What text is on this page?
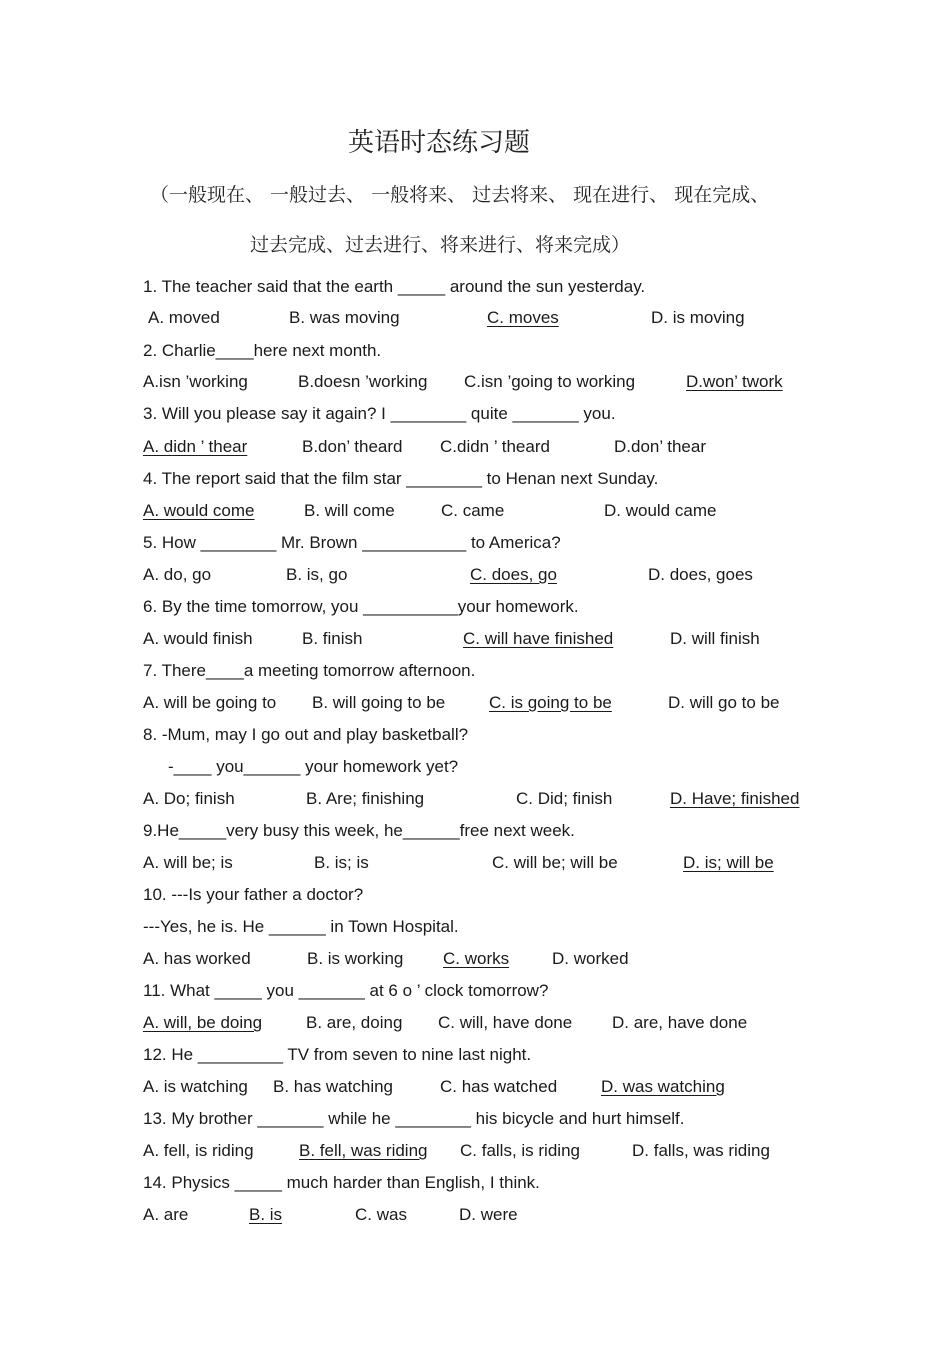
英语时态练习题
（一般现在、 一般过去、 一般将来、 过去将来、 现在进行、 现在完成、
过去完成、过去进行、将来进行、将来完成）
1. The teacher said that the earth _____ around the sun yesterday.
A. moved	B. was moving	C. moves	D. is moving
2. Charlie____here next month.
A.isn ’working	B.doesn ’working C.isn ’going to working	D.won’ twork
3. Will you please say it again? I ________ quite _______ you.
A. didn ’ thear	B.don’ theard C.didn ’ theard	D.don’ thear
4. The report said that the film star ________ to Henan next Sunday.
A. would come	B. will come	C. came	D. would came
5. How ________ Mr. Brown ___________ to America?
A. do, go	B. is, go	C. does, go	D. does, goes
6. By the time tomorrow, you __________your homework.
A. would finish	B. finish	C. will have finished	D. will finish
7. There____a meeting tomorrow afternoon.
A. will be going to B. will going to be	C. is going to be	D. will go to be
8. -Mum, may I go out and play basketball?
-____ you______ your homework yet?
A. Do; finish	B. Are; finishing	C. Did; finish	D. Have; finished
9.He_____very busy this week, he______free next week.
A. will be; is	B. is; is	C. will be; will be	D. is; will be
10. ---Is your father a doctor?
---Yes, he is. He ______ in Town Hospital.
A. has worked	B. is working C. works	D. worked
11. What _____ you _______ at 6 o ’ clock tomorrow?
A. will, be doing	B. are, doing C. will, have done D. are, have done
12. He _________ TV from seven to nine last night.
A. is watching B. has watching	C. has watched	D. was watching
13. My brother _______ while he ________ his bicycle and hurt himself.
A. fell, is riding	B. fell, was riding C. falls, is riding	D. falls, was riding
14. Physics _____ much harder than English, I think.
A. are	B. is	C. was	D. were
